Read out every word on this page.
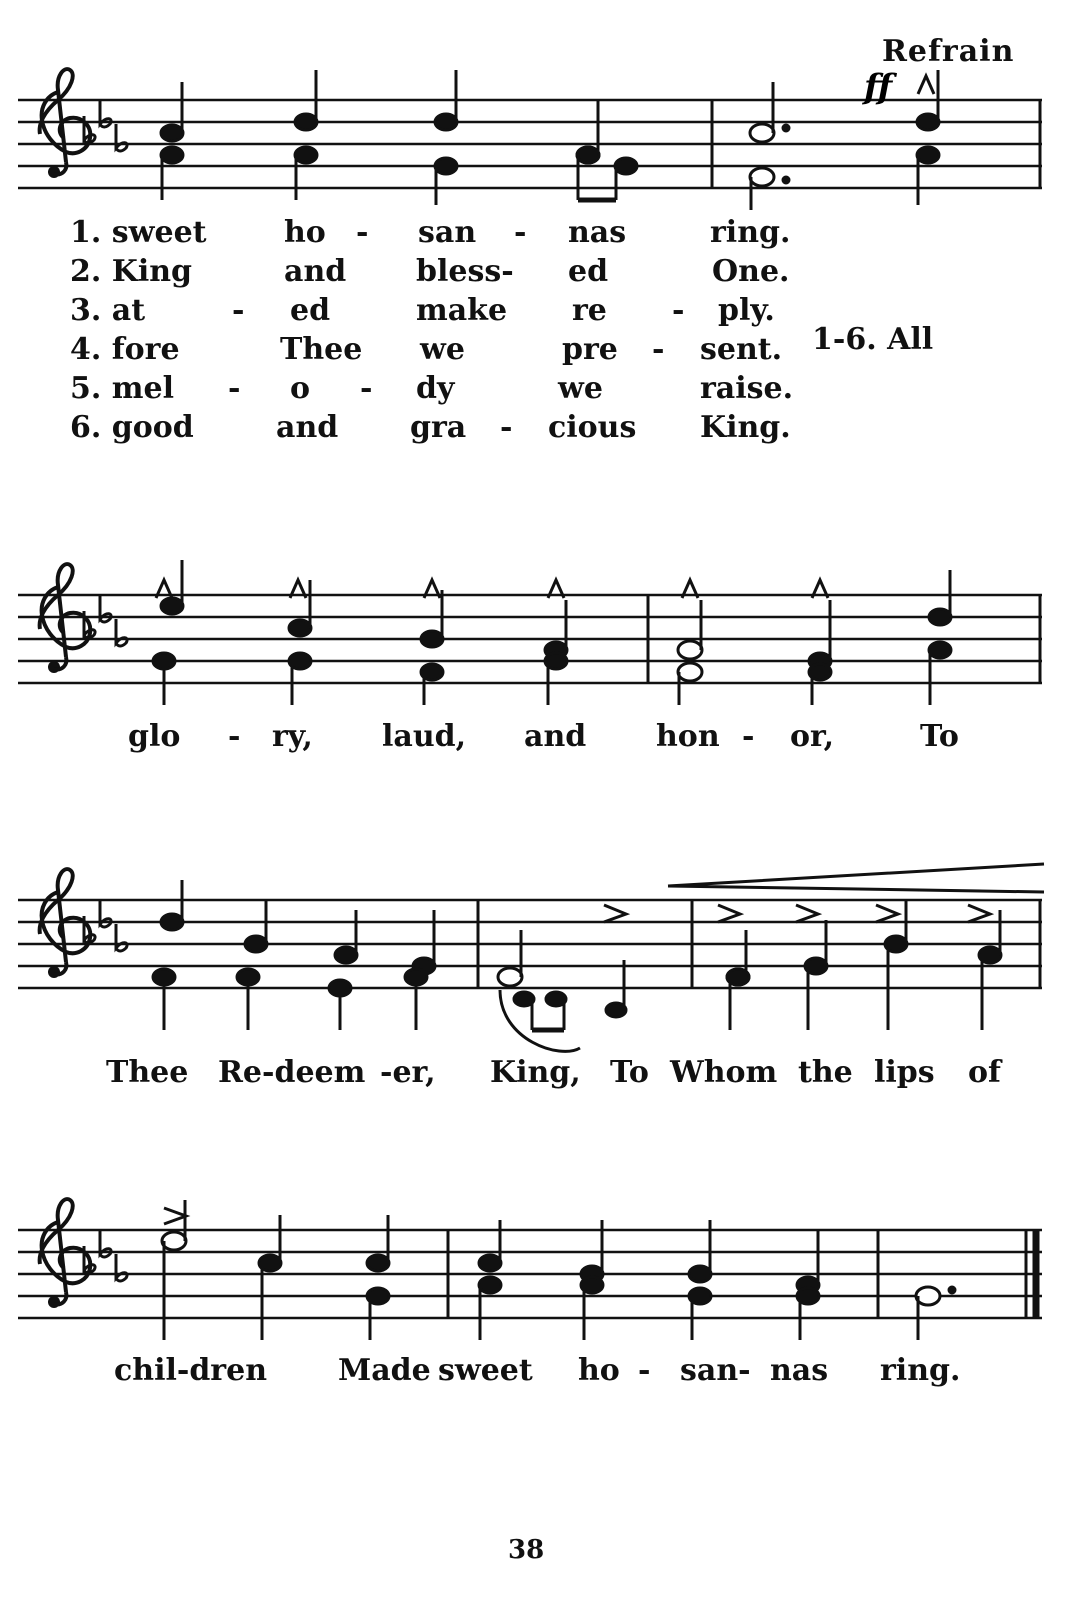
Refrain
ff
1. sweet	ho - san - nas	ring.
2. King	and bless- ed	One.
3. at	- ed	make re - ply.
4. fore	Thee we	pre - sent.
5. mel - o - dy	we	raise.
6. good	and gra - cious King.
1-6. All
glo - ry, laud, and hon - or,	To
Thee Re-deem -er, King, To Whom the lips of
chil-dren Made sweet ho - san- nas ring.
38
